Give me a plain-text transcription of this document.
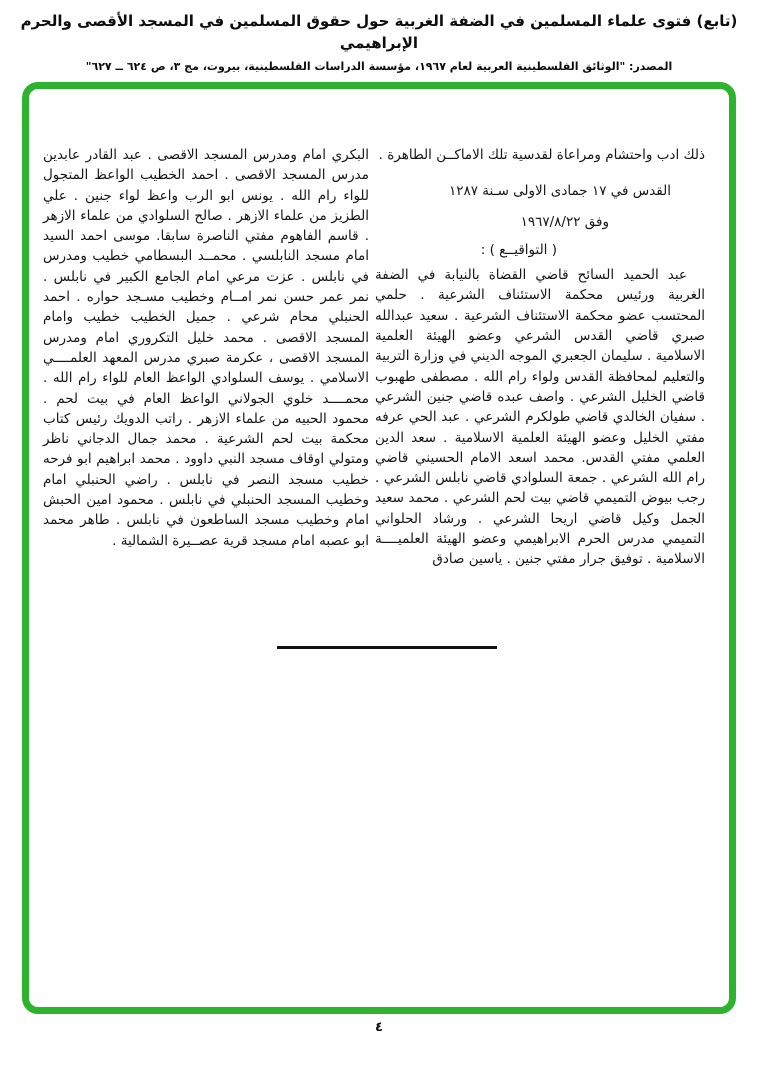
(تابع) فتوى علماء المسلمين في الضفة الغربية حول حقوق المسلمين في المسجد الأقصى والحرم الإبراهيمي
المصدر: "الوثائق الفلسطينية العربية لعام ١٩٦٧، مؤسسة الدراسات الفلسطينية، بيروت، مج ٣، ص ٦٢٤ ــ ٦٢٧"

ذلك ادب واحتشام ومراعاة لقدسية تلك الاماكــن الطاهرة .

القدس في ١٧ جمادى الاولى سـنة ١٢٨٧

وفق ١٩٦٧/٨/٢٢

( التواقيــع ) :

عبد الحميد السائح قاضي القضاة بالنيابة في الضفة الغربية ورئيس محكمة الاستئناف الشرعية . حلمي المحتسب عضو محكمة الاستئناف الشرعية . سعيد عبدالله صبري قاضي القدس الشرعي وعضو الهيئة العلمية الاسلامية . سليمان الجعبري الموجه الديني في وزارة التربية والتعليم لمحافظة القدس ولواء رام الله . مصطفى طهبوب قاضي الخليل الشرعي . واصف عبده قاضي جنين الشرعي . سفيان الخالدي قاضي طولكرم الشرعي . عبد الحي عرفه مفتي الخليل وعضو الهيئة العلمية الاسلامية . سعد الدين العلمي مفتي القدس. محمد اسعد الامام الحسيني قاضي رام الله الشرعي . جمعة السلوادي قاضي نابلس الشرعي . رجب بيوض التميمي قاضي بيت لحم الشرعي . محمد سعيد الجمل وكيل قاضي اريحا الشرعي . ورشاد الحلواني التميمي مدرس الحرم الابراهيمي وعضو الهيئة العلميــــة الاسلامية . توفيق جرار مفتي جنين . ياسين صادق

البكري امام ومدرس المسجد الاقصى . عبد القادر عابدين مدرس المسجد الاقصى . احمد الخطيب الواعظ المتجول للواء رام الله . يونس ابو الرب واعظ لواء جنين . علي الطزيز من علماء الازهر . صالح السلوادي من علماء الازهر . قاسم الفاهوم مفتي الناصرة سابقا. موسى احمد السيد امام مسجد النابلسي . محمــد البسطامي خطيب ومدرس في نابلس . عزت مرعي امام الجامع الكبير في نابلس . نمر عمر حسن نمر امــام وخطيب مسـجد حواره . احمد الحنبلي محام شرعي . جميل الخطيب خطيب وامام المسجد الاقصى . محمد خليل التكروري امام ومدرس المسجد الاقصى ، عكرمة صبري مدرس المعهد العلمــــي الاسلامي . يوسف السلوادي الواعظ العام للواء رام الله . محمــــد خلوي الجولاني الواعظ العام في بيت لحم . محمود الحبيه من علماء الازهر . راتب الدويك رئيس كتاب محكمة بيت لحم الشرعية . محمد جمال الدجاني ناظر ومتولي اوقاف مسجد النبي داوود . محمد ابراهيم ابو فرحه خطيب مسجد النصر في نابلس . راضي الحنبلي امام وخطيب المسجد الحنبلي في نابلس . محمود امين الحبش امام وخطيب مسجد الساطعون في نابلس . طاهر محمد ابو عصبه امام مسجد قرية عصــيرة الشمالية .

٤
